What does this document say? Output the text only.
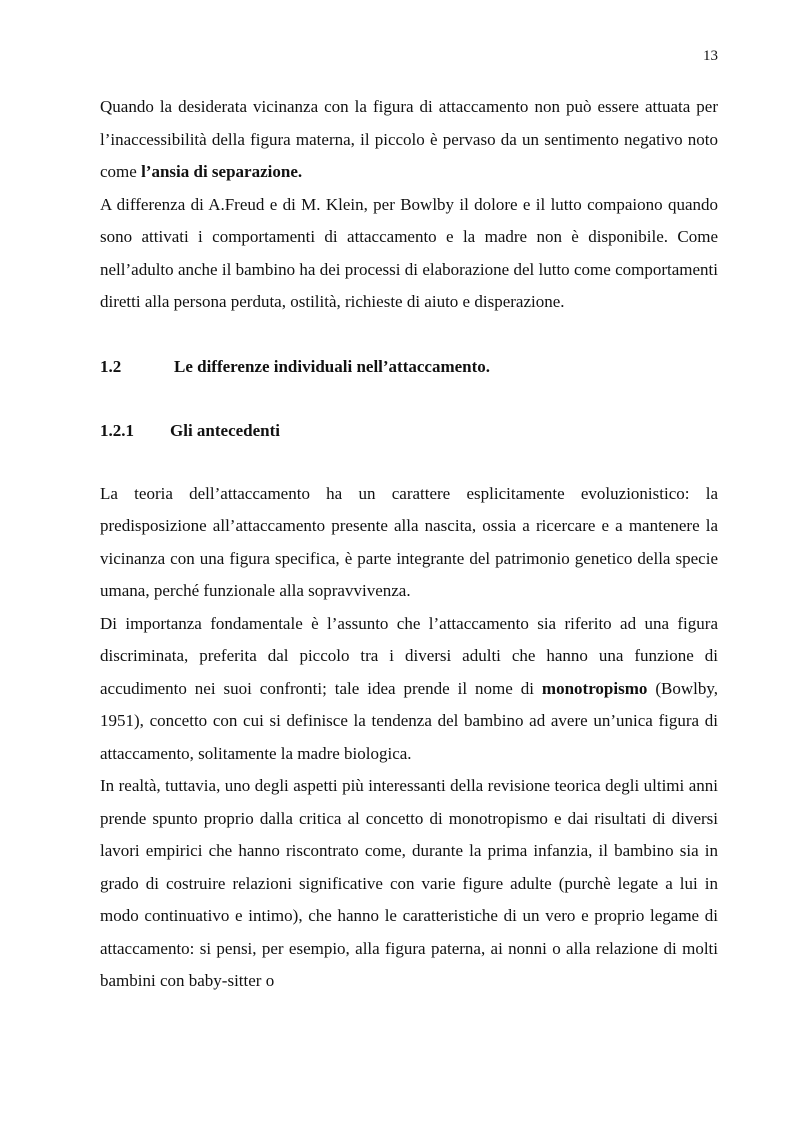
13

Quando la desiderata vicinanza con la figura di attaccamento non può essere attuata per l’inaccessibilità della figura materna, il piccolo è pervaso da un sentimento negativo noto come l’ansia di separazione.

A differenza di A.Freud e di M. Klein, per Bowlby il dolore e il lutto compaiono quando sono attivati i comportamenti di attaccamento e la madre non è disponibile. Come nell’adulto anche il bambino ha dei processi di elaborazione del lutto come comportamenti diretti alla persona perduta, ostilità, richieste di aiuto e disperazione.

1.2	Le differenze individuali nell’attaccamento.
1.2.1	Gli antecedenti

La teoria dell’attaccamento ha un carattere esplicitamente evoluzionistico: la predisposizione all’attaccamento presente alla nascita, ossia a ricercare e a mantenere la vicinanza con una figura specifica, è parte integrante del patrimonio genetico della specie umana, perché funzionale alla sopravvivenza.

Di importanza fondamentale è l’assunto che l’attaccamento sia riferito ad una figura discriminata, preferita dal piccolo tra i diversi adulti che hanno una funzione di accudimento nei suoi confronti; tale idea prende il nome di monotropismo (Bowlby, 1951), concetto con cui si definisce la tendenza del bambino ad avere un’unica figura di attaccamento, solitamente la madre biologica.

In realtà, tuttavia, uno degli aspetti più interessanti della revisione teorica degli ultimi anni prende spunto proprio dalla critica al concetto di monotropismo e dai risultati di diversi lavori empirici che hanno riscontrato come, durante la prima infanzia, il bambino sia in grado di costruire relazioni significative con varie figure adulte (purchè legate a lui in modo continuativo e intimo), che hanno le caratteristiche di un vero e proprio legame di attaccamento: si pensi, per esempio, alla figura paterna, ai nonni o alla relazione di molti bambini con baby-sitter o
